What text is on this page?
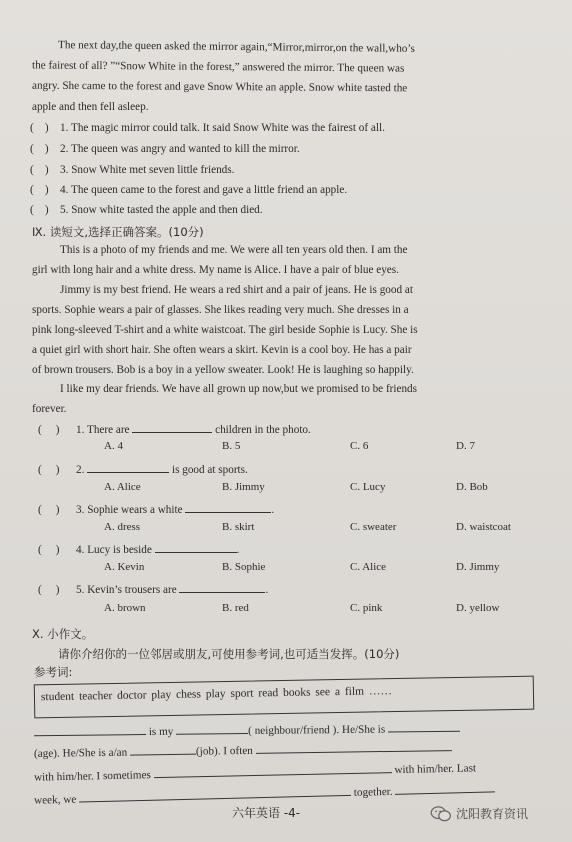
The next day,the queen asked the mirror again,“Mirror,mirror,on the wall,who’s
the fairest of all? ”“Snow White in the forest,” answered the mirror. The queen was
angry. She came to the forest and gave Snow White an apple. Snow white tasted the
apple and then fell asleep.
(    ) 1. The magic mirror could talk. It said Snow White was the fairest of all.
(    ) 2. The queen was angry and wanted to kill the mirror.
(    ) 3. Snow White met seven little friends.
(    ) 4. The queen came to the forest and gave a little friend an apple.
(    ) 5. Snow white tasted the apple and then died.
Ⅸ. 读短文,选择正确答案。(10分)
This is a photo of my friends and me. We were all ten years old then. I am the
girl with long hair and a white dress. My name is Alice. I have a pair of blue eyes.
Jimmy is my best friend. He wears a red shirt and a pair of jeans. He is good at
sports. Sophie wears a pair of glasses. She likes reading very much. She dresses in a
pink long-sleeved T-shirt and a white waistcoat. The girl beside Sophie is Lucy. She is
a quiet girl with short hair. She often wears a skirt. Kevin is a cool boy. He has a pair
of brown trousers. Bob is a boy in a yellow sweater. Look! He is laughing so happily.
I like my dear friends. We have all grown up now,but we promised to be friends
forever.
(     ) 1. There are	children in the photo.
A. 4	B. 5	C. 6	D. 7
(     ) 2.	is good at sports.
A. Alice	B. Jimmy	C. Lucy	D. Bob
(     ) 3. Sophie wears a white	.
A. dress	B. skirt	C. sweater	D. waistcoat
(     ) 4. Lucy is beside	.
A. Kevin	B. Sophie	C. Alice	D. Jimmy
(     ) 5. Kevin’s trousers are	.
A. brown	B. red	C. pink	D. yellow
X. 小作文。
请你介绍你的一位邻居或朋友,可使用参考词,也可适当发挥。(10分)
参考词:
student teacher doctor play chess play sport read books see a film ……
is my	( neighbour/friend ). He/She is
(age). He/She is a/an	(job). I often
with him/her. I sometimes	with him/her. Last
week, we  together.
六年英语 -4-	沈阳教育资讯
